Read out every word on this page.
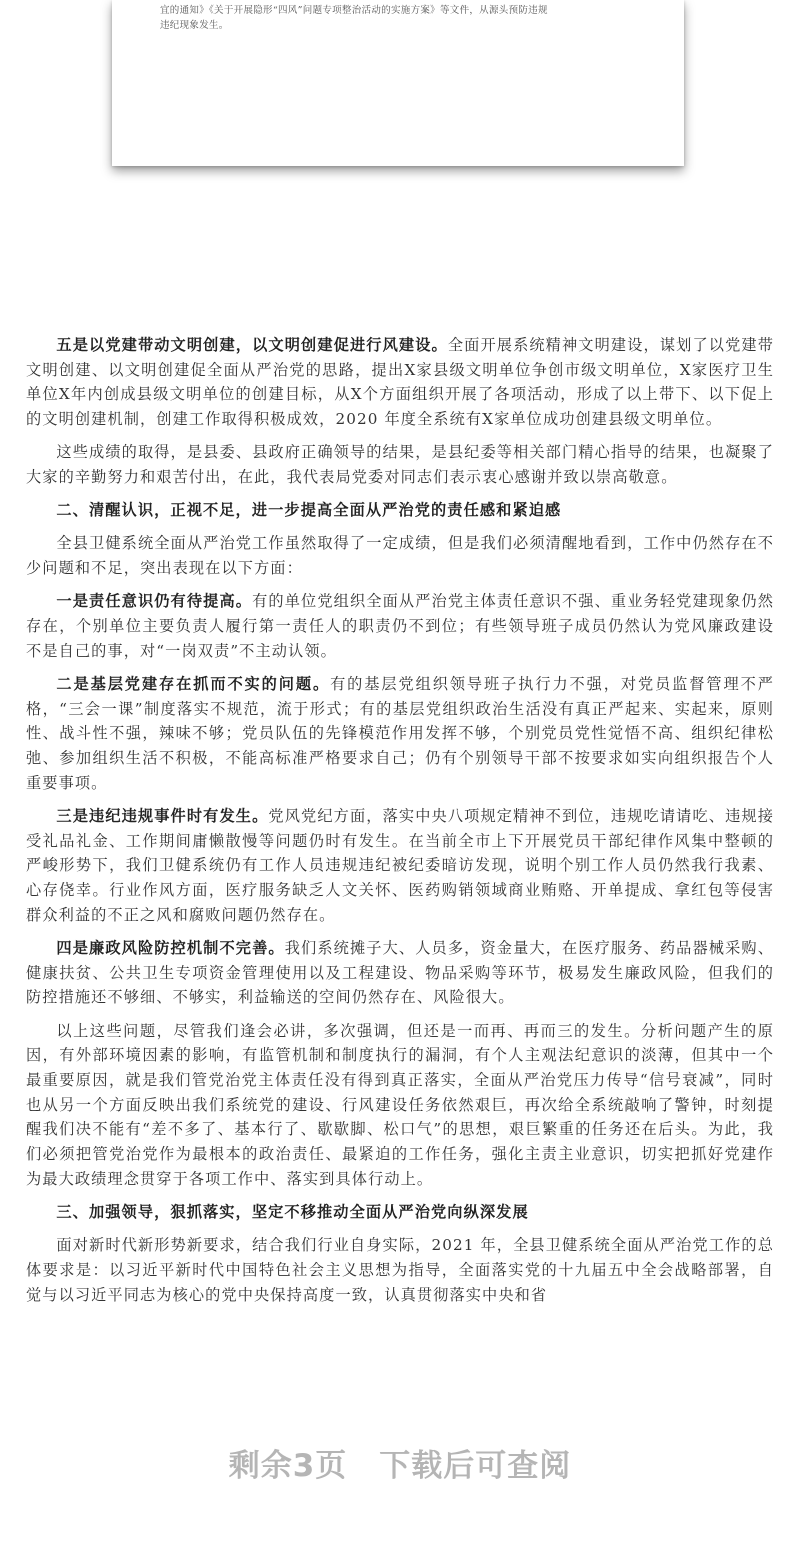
宜的通知》《关于开展隐形“四风”问题专项整治活动的实施方案》等文件，从源头预防违规
违纪现象发生。

五是以党建带动文明创建，以文明创建促进行风建设。全面开展系统精神文明建设，谋划了以党建带文明创建、以文明创建促全面从严治党的思路，提出X家县级文明单位争创市级文明单位，X家医疗卫生单位X年内创成县级文明单位的创建目标，从X个方面组织开展了各项活动，形成了以上带下、以下促上的文明创建机制，创建工作取得积极成效，2020 年度全系统有X家单位成功创建县级文明单位。

这些成绩的取得，是县委、县政府正确领导的结果，是县纪委等相关部门精心指导的结果，也凝聚了大家的辛勤努力和艰苦付出，在此，我代表局党委对同志们表示衷心感谢并致以崇高敬意。

二、清醒认识，正视不足，进一步提高全面从严治党的责任感和紧迫感

全县卫健系统全面从严治党工作虽然取得了一定成绩，但是我们必须清醒地看到，工作中仍然存在不少问题和不足，突出表现在以下方面：

一是责任意识仍有待提高。有的单位党组织全面从严治党主体责任意识不强、重业务轻党建现象仍然存在，个别单位主要负责人履行第一责任人的职责仍不到位；有些领导班子成员仍然认为党风廉政建设不是自己的事，对“一岗双责”不主动认领。

二是基层党建存在抓而不实的问题。有的基层党组织领导班子执行力不强，对党员监督管理不严格，“三会一课”制度落实不规范，流于形式；有的基层党组织政治生活没有真正严起来、实起来，原则性、战斗性不强，辣味不够；党员队伍的先锋模范作用发挥不够，个别党员党性觉悟不高、组织纪律松弛、参加组织生活不积极，不能高标准严格要求自己；仍有个别领导干部不按要求如实向组织报告个人重要事项。

三是违纪违规事件时有发生。党风党纪方面，落实中央八项规定精神不到位，违规吃请请吃、违规接受礼品礼金、工作期间庸懒散慢等问题仍时有发生。在当前全市上下开展党员干部纪律作风集中整顿的严峻形势下，我们卫健系统仍有工作人员违规违纪被纪委暗访发现，说明个别工作人员仍然我行我素、心存侥幸。行业作风方面，医疗服务缺乏人文关怀、医药购销领域商业贿赂、开单提成、拿红包等侵害群众利益的不正之风和腐败问题仍然存在。

四是廉政风险防控机制不完善。我们系统摊子大、人员多，资金量大，在医疗服务、药品器械采购、健康扶贫、公共卫生专项资金管理使用以及工程建设、物品采购等环节，极易发生廉政风险，但我们的防控措施还不够细、不够实，利益输送的空间仍然存在、风险很大。

以上这些问题，尽管我们逢会必讲，多次强调，但还是一而再、再而三的发生。分析问题产生的原因，有外部环境因素的影响，有监管机制和制度执行的漏洞，有个人主观法纪意识的淡薄，但其中一个最重要原因，就是我们管党治党主体责任没有得到真正落实，全面从严治党压力传导“信号衰减”，同时也从另一个方面反映出我们系统党的建设、行风建设任务依然艰巨，再次给全系统敲响了警钟，时刻提醒我们决不能有“差不多了、基本行了、歇歇脚、松口气”的思想，艰巨繁重的任务还在后头。为此，我们必须把管党治党作为最根本的政治责任、最紧迫的工作任务，强化主责主业意识，切实把抓好党建作为最大政绩理念贯穿于各项工作中、落实到具体行动上。

三、加强领导，狠抓落实，坚定不移推动全面从严治党向纵深发展

面对新时代新形势新要求，结合我们行业自身实际，2021 年，全县卫健系统全面从严治党工作的总体要求是：以习近平新时代中国特色社会主义思想为指导，全面落实党的十九届五中全会战略部署，自觉与以习近平同志为核心的党中央保持高度一致，认真贯彻落实中央和省

剩余3页 下载后可查阅
